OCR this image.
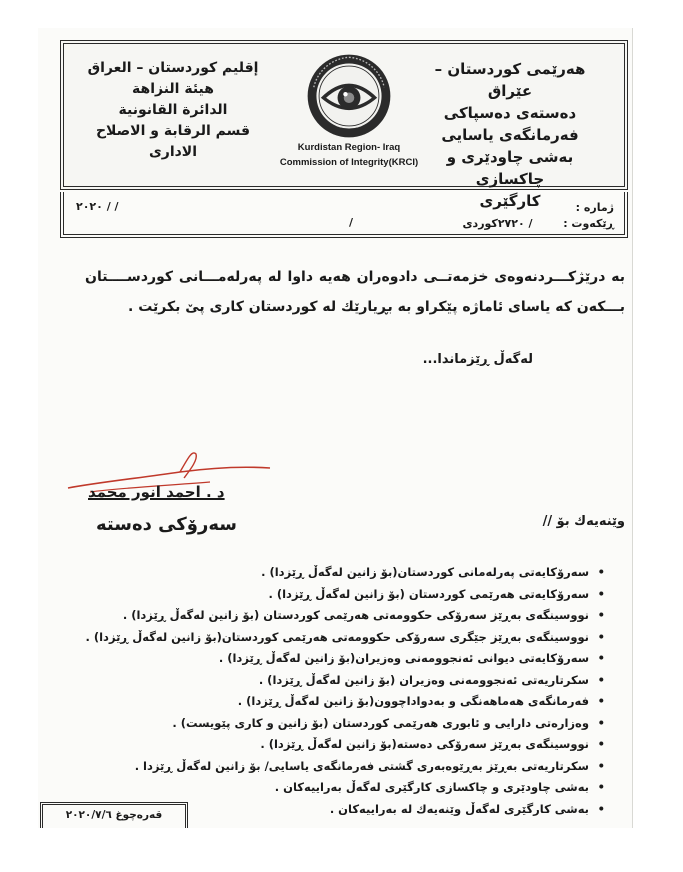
هەرێمی کوردستان – عێراق
دەستەی دەسپاکی
فەرمانگەی یاسایی
بەشی چاودێری و چاکسازی
کارگێری
Kurdistan Region- Iraq
Commission of Integrity(KRCI)
إقليم كوردستان – العراق
هيئة النزاهة
الدائرة القانونية
قسم الرقابة و الاصلاح
الاداری
ژمارە :
ڕێکەوت :        / ۲۷۲۰کوردی
/
/ / ۲۰۲۰
بە درێژکـــردنەوەی خزمەتــی دادوەران هەیە داوا لە پەرلەمـــانی کوردســــتان بـــکەن کە یاسای ئاماژە پێکراو بە بڕیارێك لە کوردستان کاری پێ بکرێت .
لەگەڵ ڕێزماندا...
د . احمد انور محمد
سەرۆکی دەستە	وێنەیەك بۆ //
•
سەرۆکایەتی پەرلەمانی کوردستان(بۆ زانین لەگەڵ ڕێزدا) .
•
سەرۆکایەتی هەرێمی کوردستان (بۆ زانین لەگەڵ ڕێزدا) .
•
نووسینگەی بەڕێز سەرۆکی حکوومەتی هەرێمی کوردستان (بۆ زانین لەگەڵ ڕێزدا) .
•
نووسینگەی بەڕێز جێگری سەرۆکی حکوومەتی هەرێمی کوردستان(بۆ زانین لەگەڵ ڕێزدا) .
•
سەرۆکایەتی دیوانی ئەنجوومەنی وەزیران(بۆ زانین لەگەڵ ڕێزدا) .
•
سکرتاریەتی ئەنجوومەنی وەزیران (بۆ زانین لەگەڵ ڕێزدا) .
•
فەرمانگەی هەماهەنگی و بەدواداچوون(بۆ زانین لەگەڵ ڕێزدا) .
•
وەزارەتی دارایی و ئابوری هەرێمی کوردستان (بۆ زانین و کاری پێویست) .
•
نووسینگەی بەڕێز سەرۆکی دەستە(بۆ زانین لەگەڵ ڕێزدا) .
•
سکرتاریەتی بەڕێز بەڕێوەبەری گشتی فەرمانگەی یاسایی/ بۆ زانین لەگەڵ ڕێزدا .
•
بەشی چاودێری و چاکسازی کارگێری لەگەڵ بەراییەکان .
•
بەشی کارگێری لەگەڵ وێنەیەك لە بەراییەکان .
قەرەچوغ ۲۰۲۰/۷/٦
